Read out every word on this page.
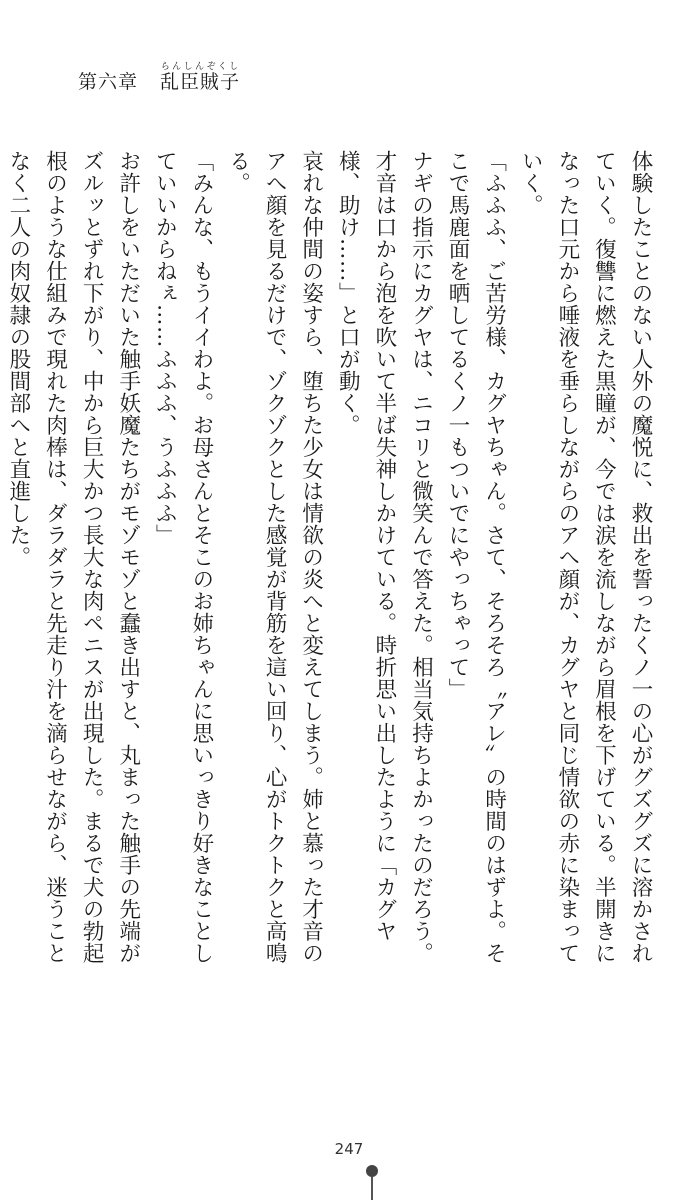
第六章 乱臣賊子らんしんぞくし

体験したことのない人外の魔悦に、救出を誓ったくノ一の心がグズグズに溶かされていく。復讐に燃えた黒瞳が、今では涙を流しながら眉根を下げている。半開きになった口元から唾液を垂らしながらのアへ顔が、カグヤと同じ情欲の赤に染まっていく。

「ふふふ、ご苦労様、カグヤちゃん。さて、そろそろ〝アレ〟の時間のはずよ。そこで馬鹿面を晒してるくノ一もついでにやっちゃって」

ナギの指示にカグヤは、ニコリと微笑んで答えた。相当気持ちよかったのだろう。才音は口から泡を吹いて半ば失神しかけている。時折思い出したように「カグヤ様、助け……」と口が動く。

哀れな仲間の姿すら、堕ちた少女は情欲の炎へと変えてしまう。姉と慕った才音のアへ顔を見るだけで、ゾクゾクとした感覚が背筋を這い回り、心がトクトクと高鳴る。

「みんな、もうイイわよ。お母さんとそこのお姉ちゃんに思いっきり好きなことしていいからねぇ……ふふふ、うふふふ」

お許しをいただいた触手妖魔たちがモゾモゾと蠢き出すと、丸まった触手の先端がズルッとずれ下がり、中から巨大かつ長大な肉ペニスが出現した。まるで犬の勃起根のような仕組みで現れた肉棒は、ダラダラと先走り汁を滴らせながら、迷うことなく二人の肉奴隷の股間部へと直進した。

247
